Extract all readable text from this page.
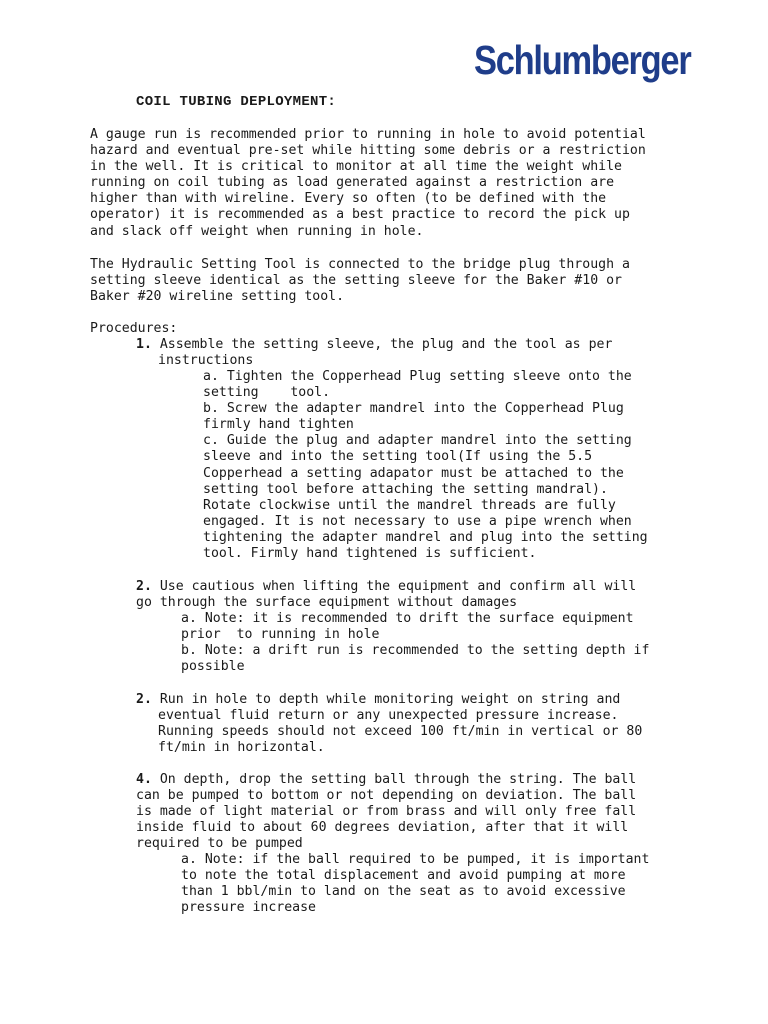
Schlumberger
COIL TUBING DEPLOYMENT:
A gauge run is recommended prior to running in hole to avoid potential
hazard and eventual pre-set while hitting some debris or a restriction
in the well. It is critical to monitor at all time the weight while
running on coil tubing as load generated against a restriction are
higher than with wireline. Every so often (to be defined with the
operator) it is recommended as a best practice to record the pick up
and slack off weight when running in hole.
The Hydraulic Setting Tool is connected to the bridge plug through a
setting sleeve identical as the setting sleeve for the Baker #10 or
Baker #20 wireline setting tool.
Procedures:
1. Assemble the setting sleeve, the plug and the tool as per
instructions
a. Tighten the Copperhead Plug setting sleeve onto the
setting    tool.
b. Screw the adapter mandrel into the Copperhead Plug
firmly hand tighten
c. Guide the plug and adapter mandrel into the setting
sleeve and into the setting tool(If using the 5.5
Copperhead a setting adapator must be attached to the
setting tool before attaching the setting mandral).
Rotate clockwise until the mandrel threads are fully
engaged. It is not necessary to use a pipe wrench when
tightening the adapter mandrel and plug into the setting
tool. Firmly hand tightened is sufficient.
2. Use cautious when lifting the equipment and confirm all will
go through the surface equipment without damages
a. Note: it is recommended to drift the surface equipment
prior  to running in hole
b. Note: a drift run is recommended to the setting depth if
possible
2. Run in hole to depth while monitoring weight on string and
eventual fluid return or any unexpected pressure increase.
Running speeds should not exceed 100 ft/min in vertical or 80
ft/min in horizontal.
4. On depth, drop the setting ball through the string. The ball
can be pumped to bottom or not depending on deviation. The ball
is made of light material or from brass and will only free fall
inside fluid to about 60 degrees deviation, after that it will
required to be pumped
a. Note: if the ball required to be pumped, it is important
to note the total displacement and avoid pumping at more
than 1 bbl/min to land on the seat as to avoid excessive
pressure increase
